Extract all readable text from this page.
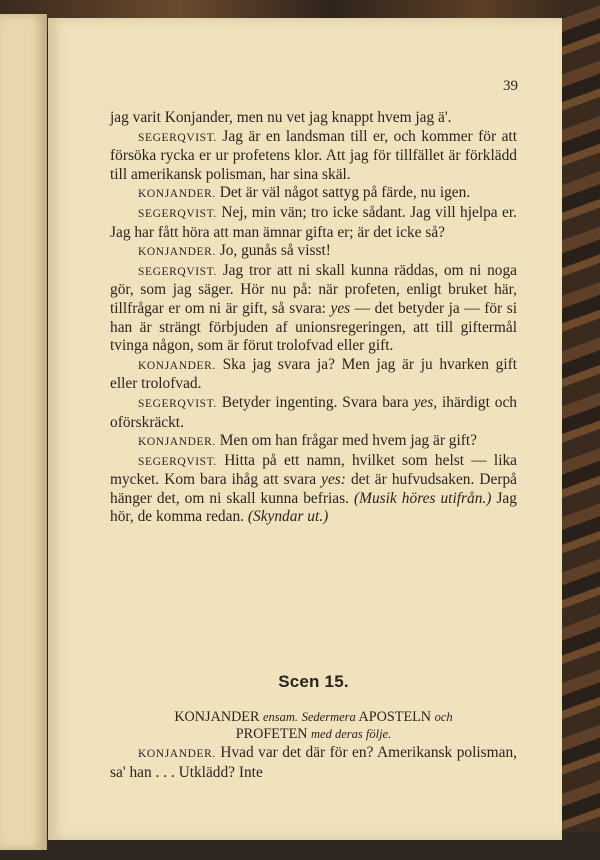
39

jag varit Konjander, men nu vet jag knappt hvem jag ä'.

SEGERQVIST. Jag är en landsman till er, och kommer för att försöka rycka er ur profetens klor. Att jag för tillfället är förklädd till amerikansk polisman, har sina skäl.

KONJANDER. Det är väl något sattyg på färde, nu igen.

SEGERQVIST. Nej, min vän; tro icke sådant. Jag vill hjelpa er. Jag har fått höra att man ämnar gifta er; är det icke så?

KONJANDER. Jo, gunås så visst!

SEGERQVIST. Jag tror att ni skall kunna räddas, om ni noga gör, som jag säger. Hör nu på: när profeten, enligt bruket här, tillfrågar er om ni är gift, så svara: yes — det betyder ja — för si han är strängt förbjuden af unionsregeringen, att till giftermål tvinga någon, som är förut trolofvad eller gift.

KONJANDER. Ska jag svara ja? Men jag är ju hvarken gift eller trolofvad.

SEGERQVIST. Betyder ingenting. Svara bara yes, ihärdigt och oförskräckt.

KONJANDER. Men om han frågar med hvem jag är gift?

SEGERQVIST. Hitta på ett namn, hvilket som helst — lika mycket. Kom bara ihåg att svara yes: det är hufvudsaken. Derpå hänger det, om ni skall kunna befrias. (Musik höres utifrån.) Jag hör, de komma redan. (Skyndar ut.)

Scen 15.
KONJANDER ensam. Sedermera APOSTELN och
PROFETEN med deras följe.

KONJANDER. Hvad var det där för en? Amerikansk polisman, sa' han . . . Utklädd? Inte
